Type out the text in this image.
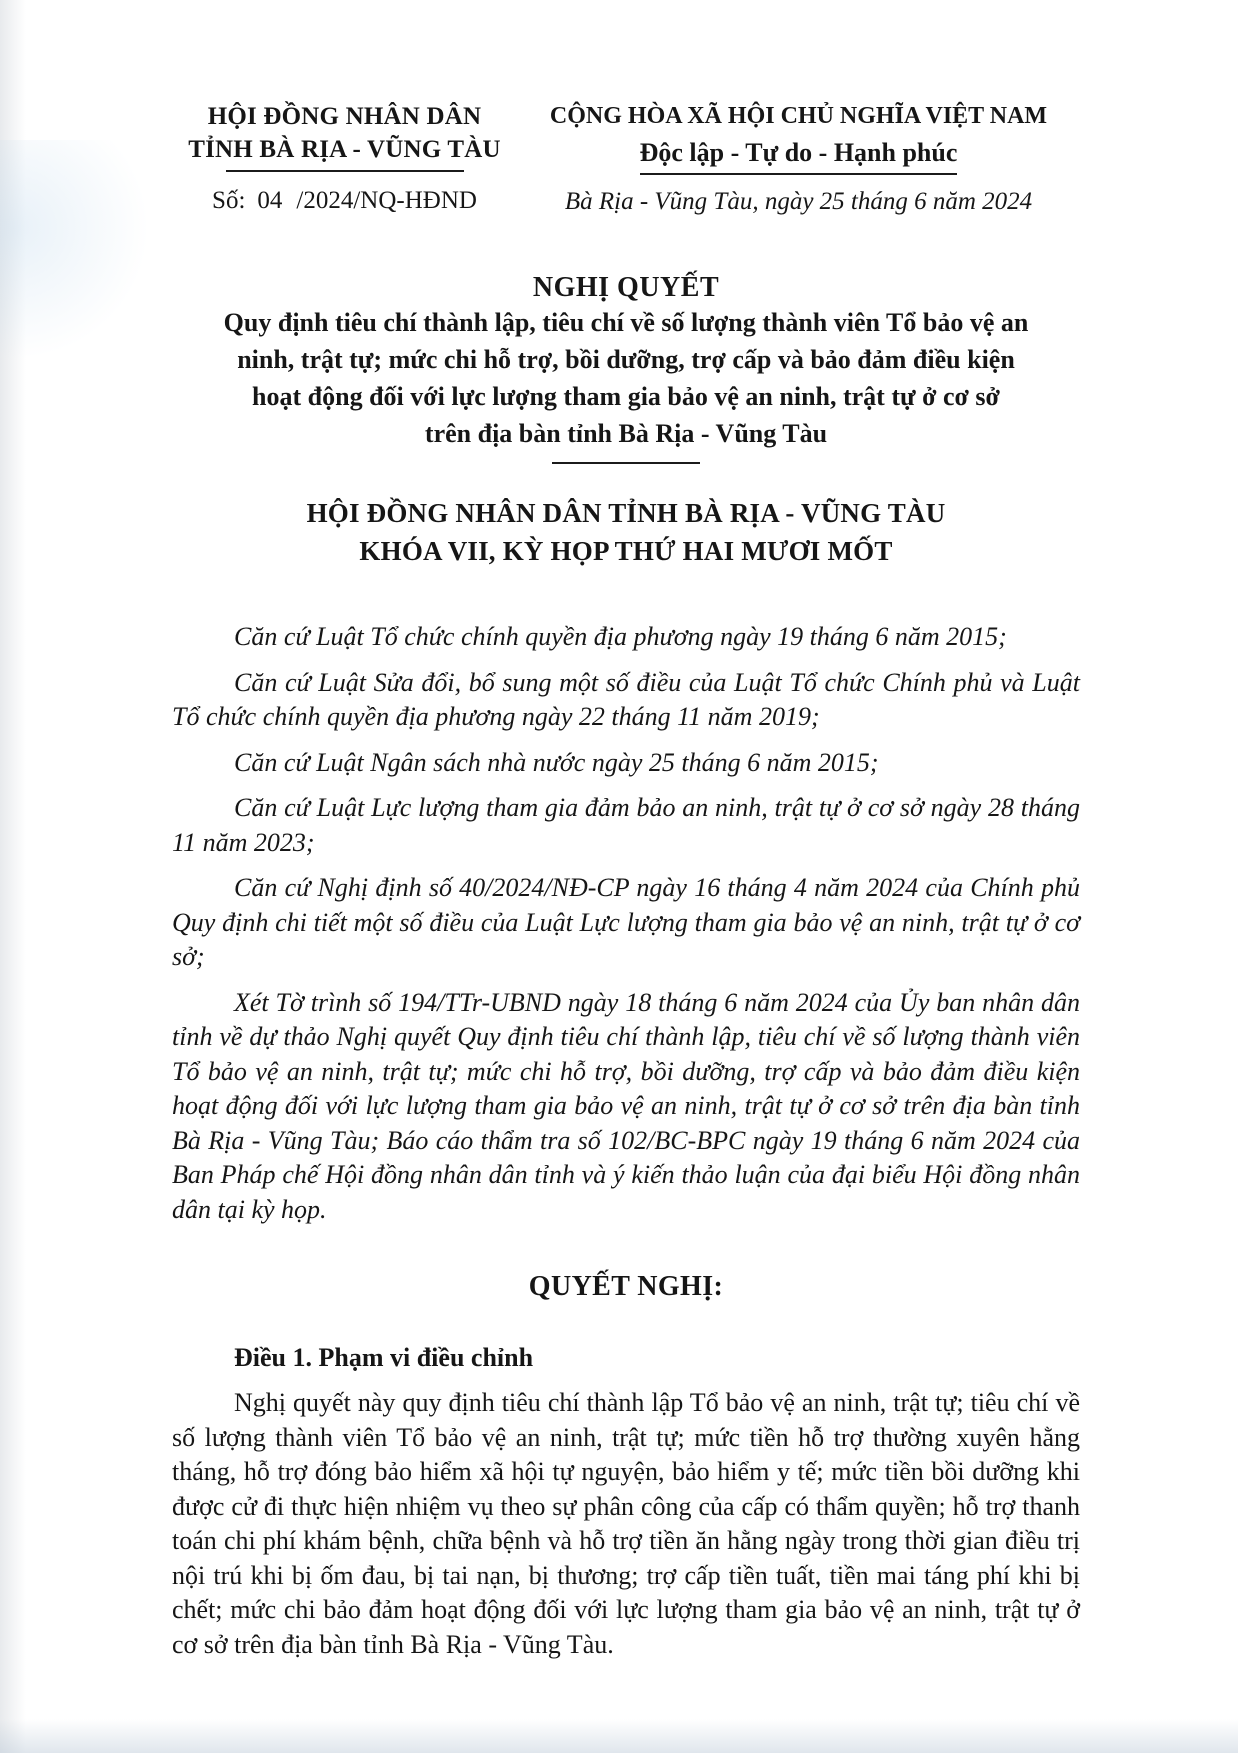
HỘI ĐỒNG NHÂN DÂN
TỈNH BÀ RỊA - VŨNG TÀU
Số: 04 /2024/NQ-HĐND
CỘNG HÒA XÃ HỘI CHỦ NGHĨA VIỆT NAM
Độc lập - Tự do - Hạnh phúc
Bà Rịa - Vũng Tàu, ngày 25 tháng 6 năm 2024
NGHỊ QUYẾT
Quy định tiêu chí thành lập, tiêu chí về số lượng thành viên Tổ bảo vệ an
ninh, trật tự; mức chi hỗ trợ, bồi dưỡng, trợ cấp và bảo đảm điều kiện
hoạt động đối với lực lượng tham gia bảo vệ an ninh, trật tự ở cơ sở
trên địa bàn tỉnh Bà Rịa - Vũng Tàu
HỘI ĐỒNG NHÂN DÂN TỈNH BÀ RỊA - VŨNG TÀU
KHÓA VII, KỲ HỌP THỨ HAI MƯƠI MỐT

Căn cứ Luật Tổ chức chính quyền địa phương ngày 19 tháng 6 năm 2015;

Căn cứ Luật Sửa đổi, bổ sung một số điều của Luật Tổ chức Chính phủ và Luật Tổ chức chính quyền địa phương ngày 22 tháng 11 năm 2019;

Căn cứ Luật Ngân sách nhà nước ngày 25 tháng 6 năm 2015;

Căn cứ Luật Lực lượng tham gia đảm bảo an ninh, trật tự ở cơ sở ngày 28 tháng 11 năm 2023;

Căn cứ Nghị định số 40/2024/NĐ-CP ngày 16 tháng 4 năm 2024 của Chính phủ Quy định chi tiết một số điều của Luật Lực lượng tham gia bảo vệ an ninh, trật tự ở cơ sở;

Xét Tờ trình số 194/TTr-UBND ngày 18 tháng 6 năm 2024 của Ủy ban nhân dân tỉnh về dự thảo Nghị quyết Quy định tiêu chí thành lập, tiêu chí về số lượng thành viên Tổ bảo vệ an ninh, trật tự; mức chi hỗ trợ, bồi dưỡng, trợ cấp và bảo đảm điều kiện hoạt động đối với lực lượng tham gia bảo vệ an ninh, trật tự ở cơ sở trên địa bàn tỉnh Bà Rịa - Vũng Tàu; Báo cáo thẩm tra số 102/BC-BPC ngày 19 tháng 6 năm 2024 của Ban Pháp chế Hội đồng nhân dân tỉnh và ý kiến thảo luận của đại biểu Hội đồng nhân dân tại kỳ họp.

QUYẾT NGHỊ:
Điều 1. Phạm vi điều chỉnh

Nghị quyết này quy định tiêu chí thành lập Tổ bảo vệ an ninh, trật tự; tiêu chí về số lượng thành viên Tổ bảo vệ an ninh, trật tự; mức tiền hỗ trợ thường xuyên hằng tháng, hỗ trợ đóng bảo hiểm xã hội tự nguyện, bảo hiểm y tế; mức tiền bồi dưỡng khi được cử đi thực hiện nhiệm vụ theo sự phân công của cấp có thẩm quyền; hỗ trợ thanh toán chi phí khám bệnh, chữa bệnh và hỗ trợ tiền ăn hằng ngày trong thời gian điều trị nội trú khi bị ốm đau, bị tai nạn, bị thương; trợ cấp tiền tuất, tiền mai táng phí khi bị chết; mức chi bảo đảm hoạt động đối với lực lượng tham gia bảo vệ an ninh, trật tự ở cơ sở trên địa bàn tỉnh Bà Rịa - Vũng Tàu.
